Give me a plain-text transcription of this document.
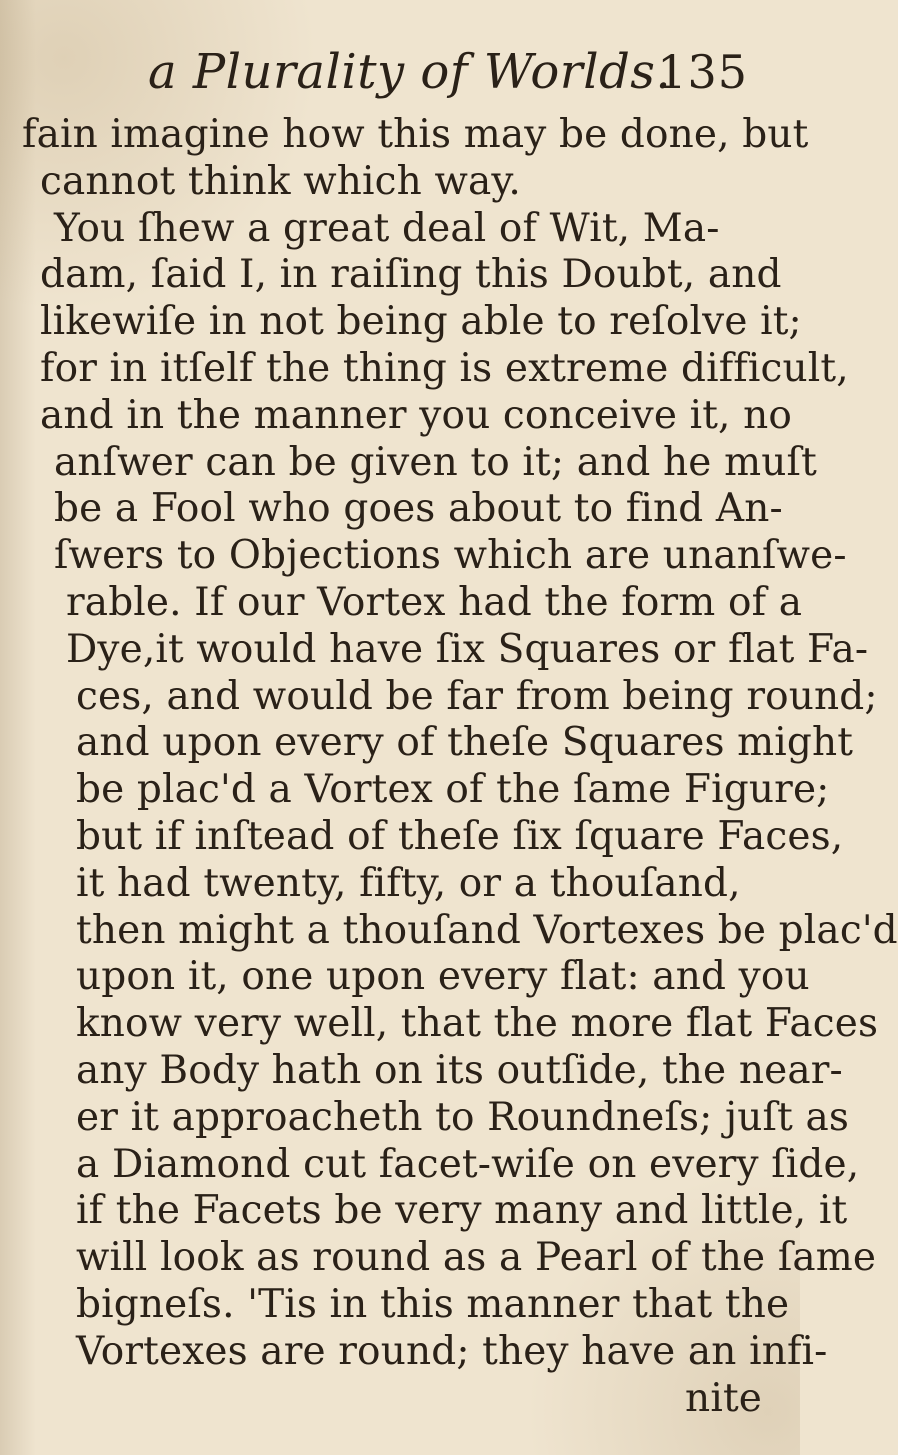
a Plurality of Worlds.
135
fain imagine how this may be done, but
cannot think which way.
You ſhew a great deal of Wit, Ma-
dam, ſaid I, in raiſing this Doubt, and
likewiſe in not being able to reſolve it;
for in itſelf the thing is extreme difficult,
and in the manner you conceive it, no
anſwer can be given to it; and he muſt
be a Fool who goes about to find An-
ſwers to Objections which are unanſwe-
rable. If our Vortex had the form of a
Dye,it would have ſix Squares or flat Fa-
ces, and would be far from being round;
and upon every of theſe Squares might
be plac'd a Vortex of the ſame Figure;
but if inſtead of theſe ſix ſquare Faces,
it had twenty, fifty, or a thouſand,
then might a thouſand Vortexes be plac'd
upon it, one upon every flat: and you
know very well, that the more flat Faces
any Body hath on its outſide, the near-
er it approacheth to Roundneſs; juſt as
a Diamond cut facet-wiſe on every ſide,
if the Facets be very many and little, it
will look as round as a Pearl of the ſame
bigneſs. 'Tis in this manner that the
Vortexes are round; they have an infi-
nite
